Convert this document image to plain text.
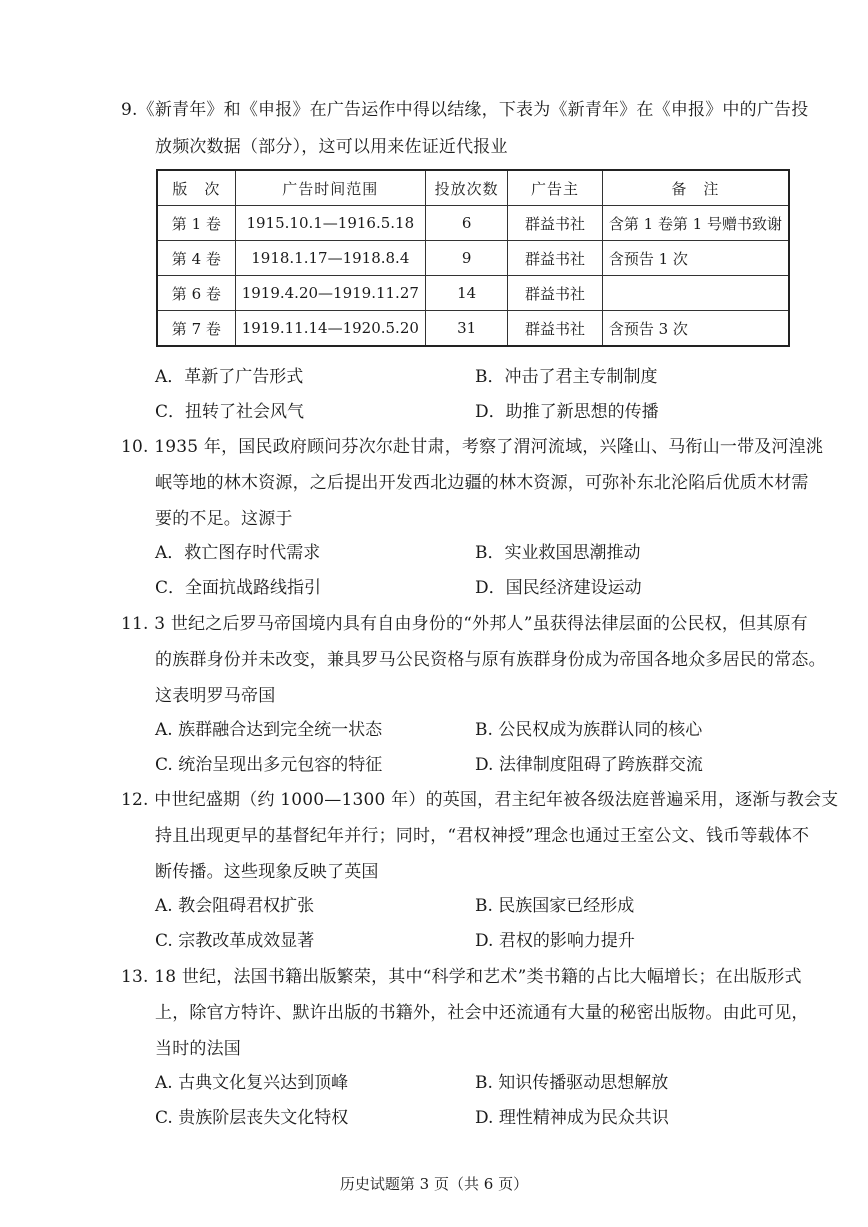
9.《新青年》和《申报》在广告运作中得以结缘，下表为《新青年》在《申报》中的广告投
放频次数据（部分），这可以用来佐证近代报业
版　次	广告时间范围	投放次数	广告主	备　注
第 1 卷	1915.10.1—1916.5.18	6	群益书社	含第 1 卷第 1 号赠书致谢
第 4 卷	1918.1.17—1918.8.4	9	群益书社	含预告 1 次
第 6 卷	1919.4.20—1919.11.27	14	群益书社	
第 7 卷	1919.11.14—1920.5.20	31	群益书社	含预告 3 次
A．革新了广告形式	B．冲击了君主专制制度
C．扭转了社会风气	D．助推了新思想的传播
10. 1935 年，国民政府顾问芬次尔赴甘肃，考察了渭河流域，兴隆山、马衔山一带及河湟洮
岷等地的林木资源，之后提出开发西北边疆的林木资源，可弥补东北沦陷后优质木材需
要的不足。这源于
A．救亡图存时代需求	B．实业救国思潮推动
C．全面抗战路线指引	D．国民经济建设运动
11. 3 世纪之后罗马帝国境内具有自由身份的“外邦人”虽获得法律层面的公民权，但其原有
的族群身份并未改变，兼具罗马公民资格与原有族群身份成为帝国各地众多居民的常态。
这表明罗马帝国
A. 族群融合达到完全统一状态	B. 公民权成为族群认同的核心
C. 统治呈现出多元包容的特征	D. 法律制度阻碍了跨族群交流
12. 中世纪盛期（约 1000—1300 年）的英国，君主纪年被各级法庭普遍采用，逐渐与教会支
持且出现更早的基督纪年并行；同时，“君权神授”理念也通过王室公文、钱币等载体不
断传播。这些现象反映了英国
A. 教会阻碍君权扩张	B. 民族国家已经形成
C. 宗教改革成效显著	D. 君权的影响力提升
13. 18 世纪，法国书籍出版繁荣，其中“科学和艺术”类书籍的占比大幅增长；在出版形式
上，除官方特许、默许出版的书籍外，社会中还流通有大量的秘密出版物。由此可见，
当时的法国
A. 古典文化复兴达到顶峰	B. 知识传播驱动思想解放
C. 贵族阶层丧失文化特权	D. 理性精神成为民众共识
历史试题第 3 页（共 6 页）
